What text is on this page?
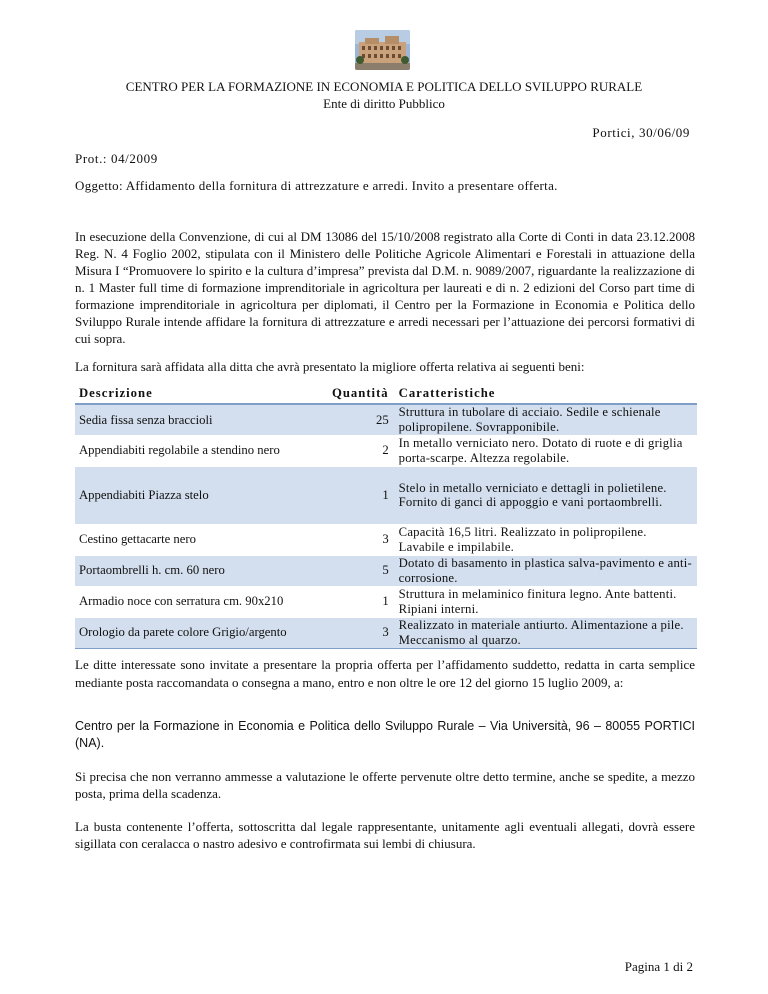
CENTRO PER LA FORMAZIONE IN ECONOMIA E POLITICA DELLO SVILUPPO RURALE
Ente di diritto Pubblico
Portici, 30/06/09
Prot.: 04/2009
Oggetto: Affidamento della fornitura di attrezzature e arredi. Invito a presentare offerta.
In esecuzione della Convenzione, di cui al DM 13086 del 15/10/2008 registrato alla Corte di Conti in data 23.12.2008 Reg. N. 4 Foglio 2002, stipulata con il Ministero delle Politiche Agricole Alimentari e Forestali in attuazione della Misura I “Promuovere lo spirito e la cultura d’impresa” prevista dal D.M. n. 9089/2007, riguardante la realizzazione di n. 1 Master full time di formazione imprenditoriale in agricoltura per laureati e di n. 2 edizioni del Corso part time di formazione imprenditoriale in agricoltura per diplomati, il Centro per la Formazione in Economia e Politica dello Sviluppo Rurale intende affidare la fornitura di attrezzature e arredi necessari per l’attuazione dei percorsi formativi di cui sopra.
La fornitura sarà affidata alla ditta che avrà presentato la migliore offerta relativa ai seguenti beni:
Descrizione	Quantità	Caratteristiche
Sedia fissa senza braccioli	25	Struttura in tubolare di acciaio. Sedile e schienale polipropilene. Sovrapponibile.
Appendiabiti regolabile a stendino nero	2	In metallo verniciato nero. Dotato di ruote e di griglia porta-scarpe. Altezza regolabile.
Appendiabiti Piazza stelo	1	Stelo in metallo verniciato e dettagli in polietilene. Fornito di ganci di appoggio e vani portaombrelli.
Cestino gettacarte nero	3	Capacità 16,5 litri. Realizzato in polipropilene. Lavabile e impilabile.
Portaombrelli h. cm. 60 nero	5	Dotato di basamento in plastica salva-pavimento e anti-corrosione.
Armadio noce con serratura cm. 90x210	1	Struttura in melaminico finitura legno. Ante battenti. Ripiani interni.
Orologio da parete colore Grigio/argento	3	Realizzato in materiale antiurto. Alimentazione a pile. Meccanismo al quarzo.
Le ditte interessate sono invitate a presentare la propria offerta per l’affidamento suddetto, redatta in carta semplice mediante posta raccomandata o consegna a mano, entro e non oltre le ore 12 del giorno 15 luglio 2009, a:
Centro per la Formazione in Economia e Politica dello Sviluppo Rurale – Via Università, 96 – 80055 PORTICI (NA).
Si precisa che non verranno ammesse a valutazione le offerte pervenute oltre detto termine, anche se spedite, a mezzo posta, prima della scadenza.
La busta contenente l’offerta, sottoscritta dal legale rappresentante, unitamente agli eventuali allegati, dovrà essere sigillata con ceralacca o nastro adesivo e controfirmata sui lembi di chiusura.
Pagina 1 di 2
